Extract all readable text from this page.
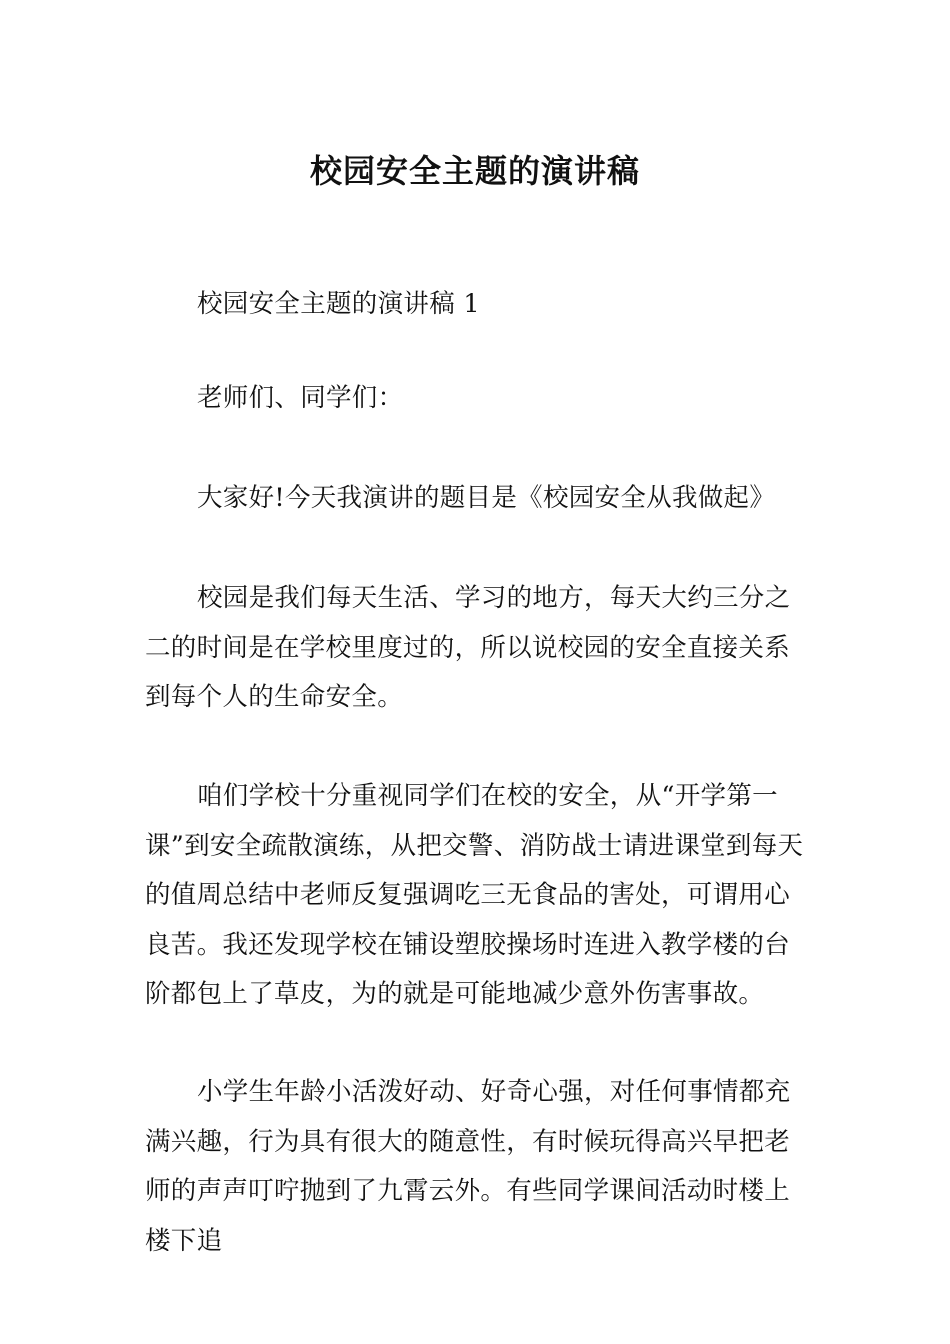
校园安全主题的演讲稿

校园安全主题的演讲稿 1

老师们、同学们：

大家好!今天我演讲的题目是《校园安全从我做起》

校园是我们每天生活、学习的地方，每天大约三分之二的时间是在学校里度过的，所以说校园的安全直接关系到每个人的生命安全。

咱们学校十分重视同学们在校的安全，从“开学第一课”到安全疏散演练，从把交警、消防战士请进课堂到每天的值周总结中老师反复强调吃三无食品的害处，可谓用心良苦。我还发现学校在铺设塑胶操场时连进入教学楼的台阶都包上了草皮，为的就是可能地减少意外伤害事故。

小学生年龄小活泼好动、好奇心强，对任何事情都充满兴趣，行为具有很大的随意性，有时候玩得高兴早把老师的声声叮咛抛到了九霄云外。有些同学课间活动时楼上楼下追
